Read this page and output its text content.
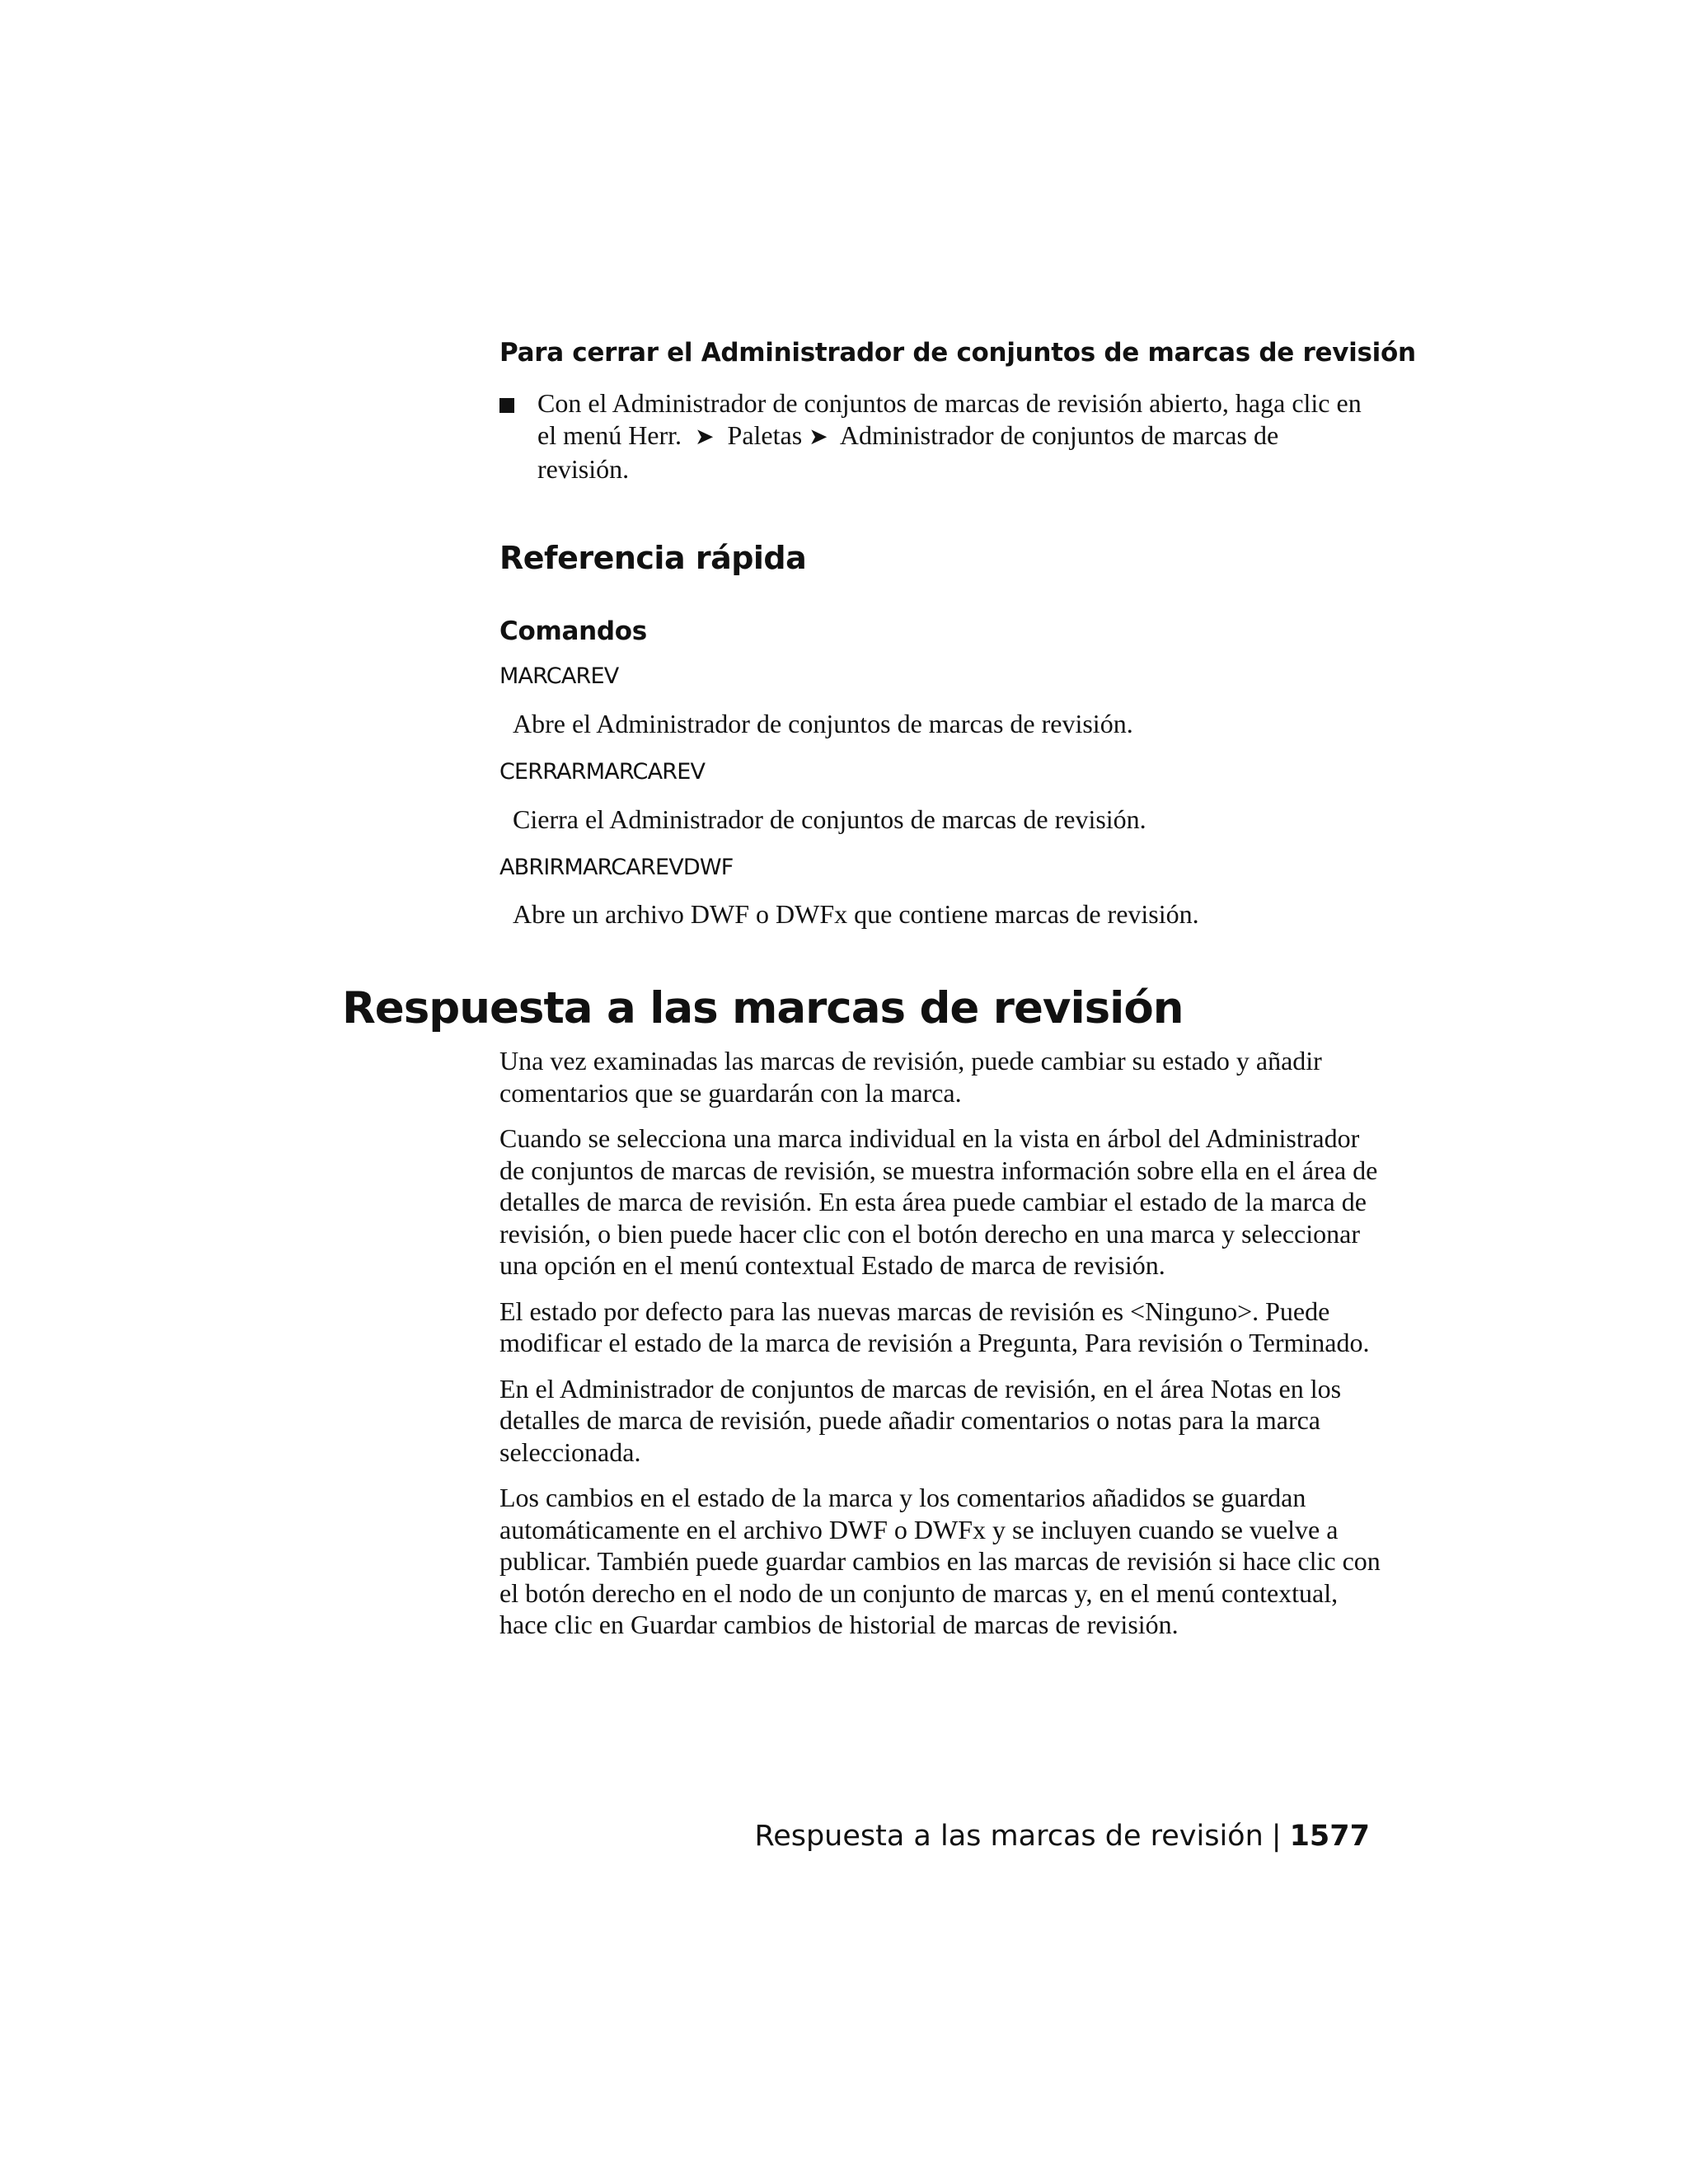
Para cerrar el Administrador de conjuntos de marcas de revisión
Con el Administrador de conjuntos de marcas de revisión abierto, haga clic en el menú Herr. ➤ Paletas ➤ Administrador de conjuntos de marcas de revisión.
Referencia rápida
Comandos
MARCAREV
Abre el Administrador de conjuntos de marcas de revisión.
CERRARMARCAREV
Cierra el Administrador de conjuntos de marcas de revisión.
ABRIRMARCAREVDWF
Abre un archivo DWF o DWFx que contiene marcas de revisión.
Respuesta a las marcas de revisión

Una vez examinadas las marcas de revisión, puede cambiar su estado y añadir comentarios que se guardarán con la marca.

Cuando se selecciona una marca individual en la vista en árbol del Administrador de conjuntos de marcas de revisión, se muestra información sobre ella en el área de detalles de marca de revisión. En esta área puede cambiar el estado de la marca de revisión, o bien puede hacer clic con el botón derecho en una marca y seleccionar una opción en el menú contextual Estado de marca de revisión.

El estado por defecto para las nuevas marcas de revisión es <Ninguno>. Puede modificar el estado de la marca de revisión a Pregunta, Para revisión o Terminado.

En el Administrador de conjuntos de marcas de revisión, en el área Notas en los detalles de marca de revisión, puede añadir comentarios o notas para la marca seleccionada.

Los cambios en el estado de la marca y los comentarios añadidos se guardan automáticamente en el archivo DWF o DWFx y se incluyen cuando se vuelve a publicar. También puede guardar cambios en las marcas de revisión si hace clic con el botón derecho en el nodo de un conjunto de marcas y, en el menú contextual, hace clic en Guardar cambios de historial de marcas de revisión.

Respuesta a las marcas de revisión | 1577
